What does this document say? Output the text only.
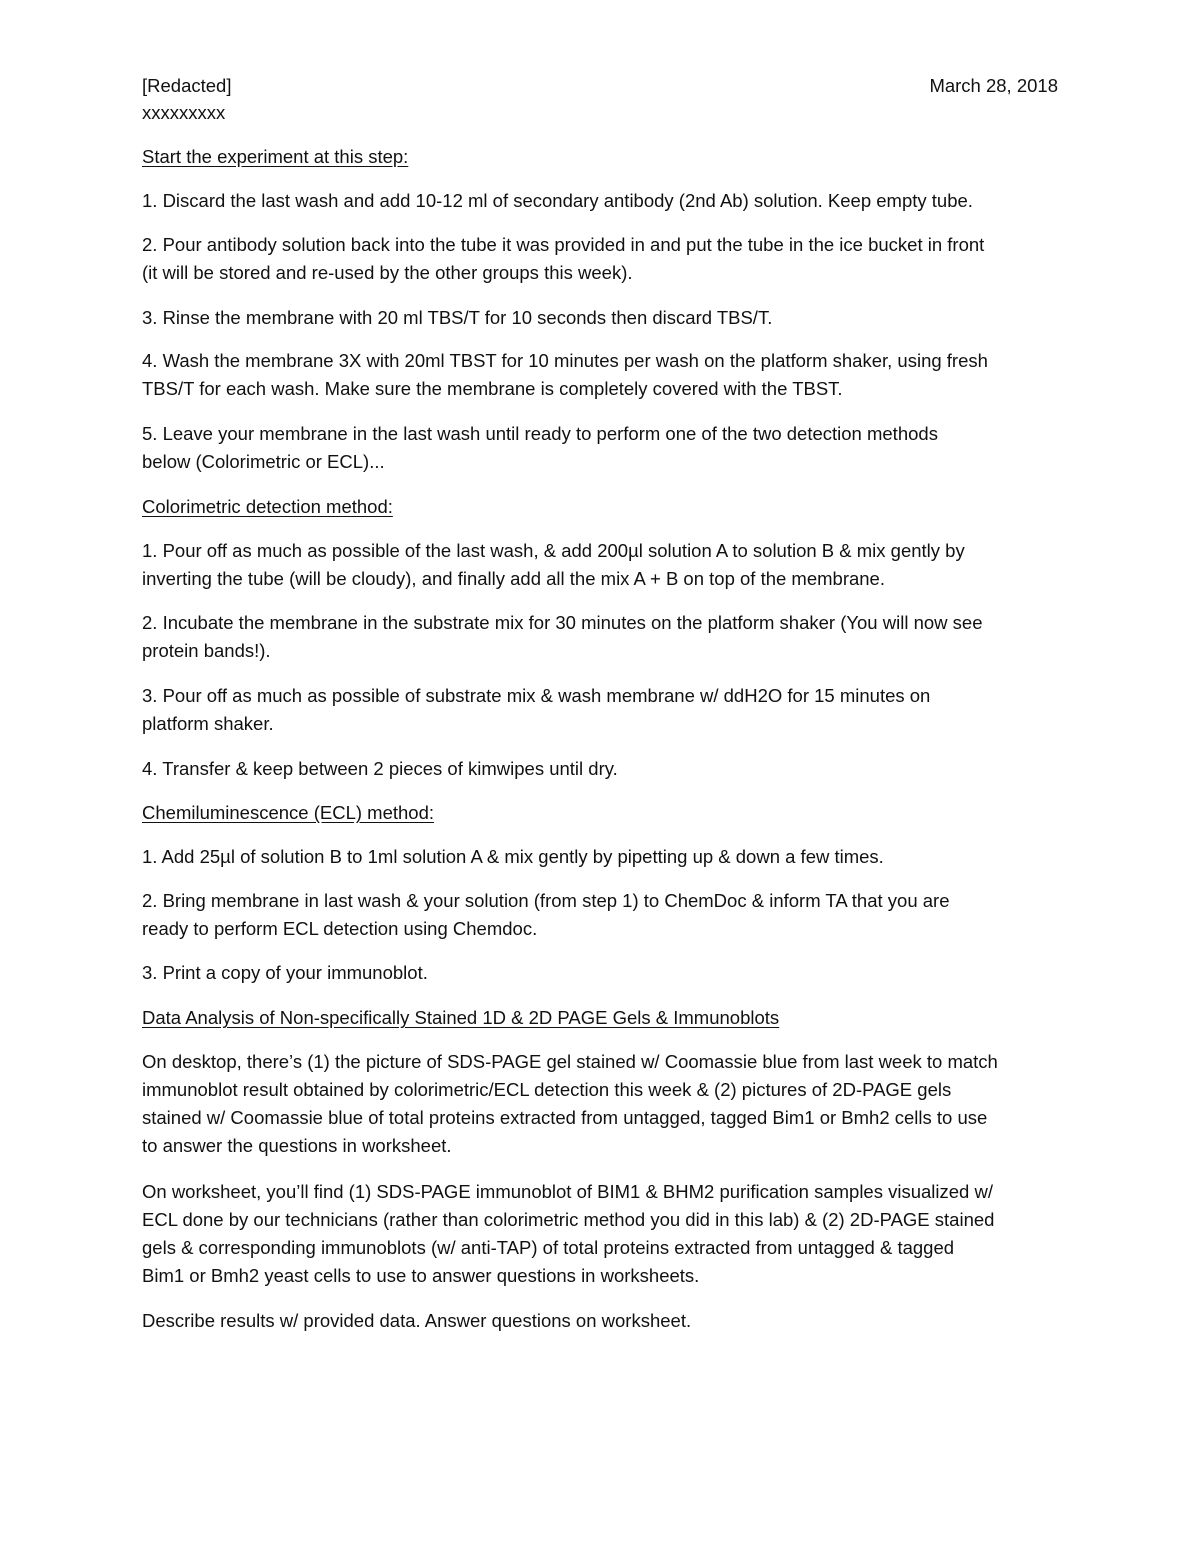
[Redacted]	March 28, 2018
xxxxxxxxx
Start the experiment at this step:
1. Discard the last wash and add 10-12 ml of secondary antibody (2nd Ab) solution. Keep empty tube.
2. Pour antibody solution back into the tube it was provided in and put the tube in the ice bucket in front
(it will be stored and re-used by the other groups this week).
3. Rinse the membrane with 20 ml TBS/T for 10 seconds then discard TBS/T.
4. Wash the membrane 3X with 20ml TBST for 10 minutes per wash on the platform shaker, using fresh
TBS/T for each wash. Make sure the membrane is completely covered with the TBST.
5. Leave your membrane in the last wash until ready to perform one of the two detection methods
below (Colorimetric or ECL)...
Colorimetric detection method:
1. Pour off as much as possible of the last wash, & add 200µl solution A to solution B & mix gently by
inverting the tube (will be cloudy), and finally add all the mix A + B on top of the membrane.
2. Incubate the membrane in the substrate mix for 30 minutes on the platform shaker (You will now see
protein bands!).
3. Pour off as much as possible of substrate mix & wash membrane w/ ddH2O for 15 minutes on
platform shaker.
4. Transfer & keep between 2 pieces of kimwipes until dry.
Chemiluminescence (ECL) method:
1. Add 25µl of solution B to 1ml solution A & mix gently by pipetting up & down a few times.
2. Bring membrane in last wash & your solution (from step 1) to ChemDoc & inform TA that you are
ready to perform ECL detection using Chemdoc.
3. Print a copy of your immunoblot.
Data Analysis of Non-specifically Stained 1D & 2D PAGE Gels & Immunoblots
On desktop, there’s (1) the picture of SDS-PAGE gel stained w/ Coomassie blue from last week to match
immunoblot result obtained by colorimetric/ECL detection this week & (2) pictures of 2D-PAGE gels
stained w/ Coomassie blue of total proteins extracted from untagged, tagged Bim1 or Bmh2 cells to use
to answer the questions in worksheet.
On worksheet, you’ll find (1) SDS-PAGE immunoblot of BIM1 & BHM2 purification samples visualized w/
ECL done by our technicians (rather than colorimetric method you did in this lab) & (2) 2D-PAGE stained
gels & corresponding immunoblots (w/ anti-TAP) of total proteins extracted from untagged & tagged
Bim1 or Bmh2 yeast cells to use to answer questions in worksheets.
Describe results w/ provided data. Answer questions on worksheet.
